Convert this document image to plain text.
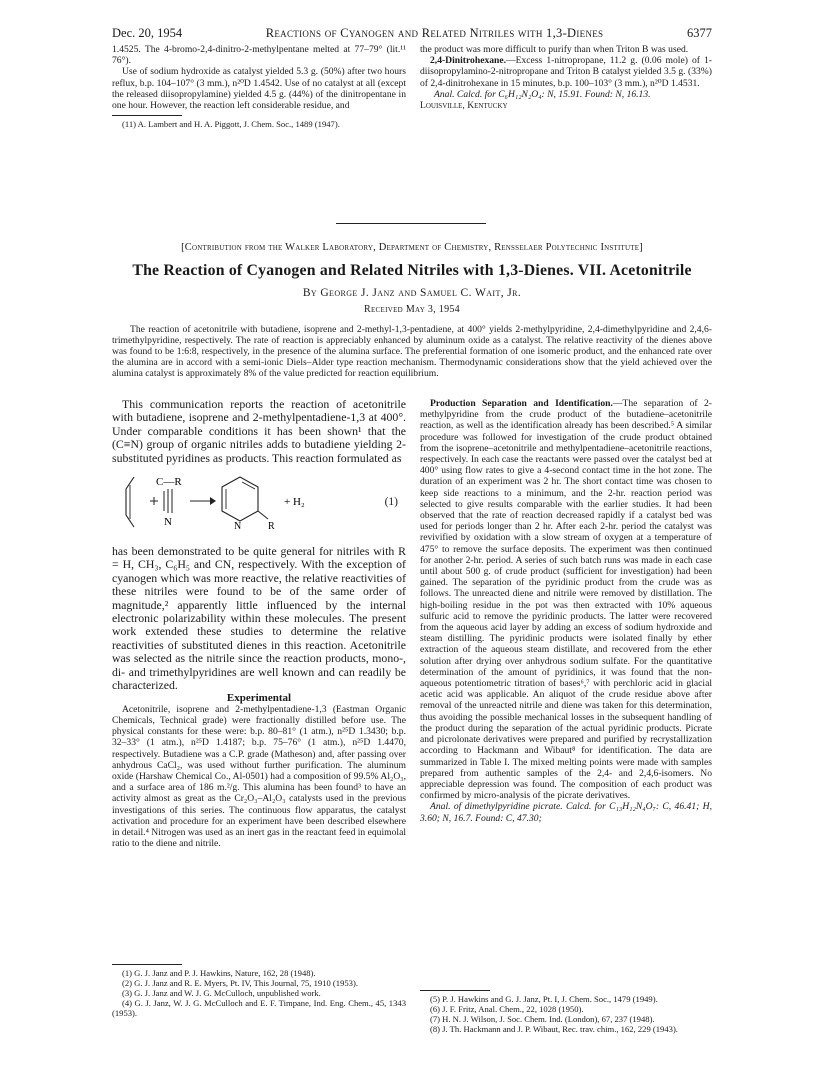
Dec. 20, 1954	Reactions of Cyanogen and Related Nitriles with 1,3-Dienes	6377

1.4525. The 4-bromo-2,4-dinitro-2-methylpentane melted at 77–79° (lit.¹¹ 76°).

Use of sodium hydroxide as catalyst yielded 5.3 g. (50%) after two hours reflux, b.p. 104–107° (3 mm.), n²⁰D 1.4542. Use of no catalyst at all (except the released diisopropylamine) yielded 4.5 g. (44%) of the dinitropentane in one hour. However, the reaction left considerable residue, and

(11) A. Lambert and H. A. Piggott, J. Chem. Soc., 1489 (1947).

the product was more difficult to purify than when Triton B was used.

2,4-Dinitrohexane.—Excess 1-nitropropane, 11.2 g. (0.06 mole) of 1-diisopropylamino-2-nitropropane and Triton B catalyst yielded 3.5 g. (33%) of 2,4-dinitrohexane in 15 minutes, b.p. 100–103° (3 mm.), n²⁰D 1.4531.

Anal. Calcd. for C₆H₁₂N₂O₄: N, 15.91. Found: N, 16.13.

Louisville, Kentucky

[Contribution from the Walker Laboratory, Department of Chemistry, Rensselaer Polytechnic Institute]
The Reaction of Cyanogen and Related Nitriles with 1,3-Dienes. VII. Acetonitrile
By George J. Janz and Samuel C. Wait, Jr.
Received May 3, 1954
The reaction of acetonitrile with butadiene, isoprene and 2-methyl-1,3-pentadiene, at 400° yields 2-methylpyridine, 2,4-dimethylpyridine and 2,4,6-trimethylpyridine, respectively. The rate of reaction is appreciably enhanced by aluminum oxide as a catalyst. The relative reactivity of the dienes above was found to be 1:6:8, respectively, in the presence of the alumina surface. The preferential formation of one isomeric product, and the enhanced rate over the alumina are in accord with a semi-ionic Diels–Alder type reaction mechanism. Thermodynamic considerations show that the yield achieved over the alumina catalyst is approximately 8% of the value predicted for reaction equilibrium.

This communication reports the reaction of acetonitrile with butadiene, isoprene and 2-methylpentadiene-1,3 at 400°. Under comparable conditions it has been shown¹ that the (C≡N) group of organic nitriles adds to butadiene yielding 2-substituted pyridines as products. This reaction formulated as

C—R
N	N	R
+ H₂	(1)

has been demonstrated to be quite general for nitriles with R = H, CH₃, C₆H₅ and CN, respectively. With the exception of cyanogen which was more reactive, the relative reactivities of these nitriles were found to be of the same order of magnitude,² apparently little influenced by the internal electronic polarizability within these molecules. The present work extended these studies to determine the relative reactivities of substituted dienes in this reaction. Acetonitrile was selected as the nitrile since the reaction products, mono-, di- and trimethylpyridines are well known and can readily be characterized.

Experimental

Acetonitrile, isoprene and 2-methylpentadiene-1,3 (Eastman Organic Chemicals, Technical grade) were fractionally distilled before use. The physical constants for these were: b.p. 80–81° (1 atm.), n²⁵D 1.3430; b.p. 32–33° (1 atm.), n²⁵D 1.4187; b.p. 75–76° (1 atm.), n²⁵D 1.4470, respectively. Butadiene was a C.P. grade (Matheson) and, after passing over anhydrous CaCl₂, was used without further purification. The aluminum oxide (Harshaw Chemical Co., Al-0501) had a composition of 99.5% Al₂O₃, and a surface area of 186 m.²/g. This alumina has been found³ to have an activity almost as great as the Cr₂O₃–Al₂O₃ catalysts used in the previous investigations of this series. The continuous flow apparatus, the catalyst activation and procedure for an experiment have been described elsewhere in detail.⁴ Nitrogen was used as an inert gas in the reactant feed in equimolal ratio to the diene and nitrile.

(1) G. J. Janz and P. J. Hawkins, Nature, 162, 28 (1948).

(2) G. J. Janz and R. E. Myers, Pt. IV, This Journal, 75, 1910 (1953).

(3) G. J. Janz and W. J. G. McCulloch, unpublished work.

(4) G. J. Janz, W. J. G. McCulloch and E. F. Timpane, Ind. Eng. Chem., 45, 1343 (1953).

Production Separation and Identification.—The separation of 2-methylpyridine from the crude product of the butadiene–acetonitrile reaction, as well as the identification already has been described.⁵ A similar procedure was followed for investigation of the crude product obtained from the isoprene–acetonitrile and methylpentadiene–acetonitrile reactions, respectively. In each case the reactants were passed over the catalyst bed at 400° using flow rates to give a 4-second contact time in the hot zone. The duration of an experiment was 2 hr. The short contact time was chosen to keep side reactions to a minimum, and the 2-hr. reaction period was selected to give results comparable with the earlier studies. It had been observed that the rate of reaction decreased rapidly if a catalyst bed was used for periods longer than 2 hr. After each 2-hr. period the catalyst was revivified by oxidation with a slow stream of oxygen at a temperature of 475° to remove the surface deposits. The experiment was then continued for another 2-hr. period. A series of such batch runs was made in each case until about 500 g. of crude product (sufficient for investigation) had been gained. The separation of the pyridinic product from the crude was as follows. The unreacted diene and nitrile were removed by distillation. The high-boiling residue in the pot was then extracted with 10% aqueous sulfuric acid to remove the pyridinic products. The latter were recovered from the aqueous acid layer by adding an excess of sodium hydroxide and steam distilling. The pyridinic products were isolated finally by ether extraction of the aqueous steam distillate, and recovered from the ether solution after drying over anhydrous sodium sulfate. For the quantitative determination of the amount of pyridinics, it was found that the non-aqueous potentiometric titration of bases⁶,⁷ with perchloric acid in glacial acetic acid was applicable. An aliquot of the crude residue above after removal of the unreacted nitrile and diene was taken for this determination, thus avoiding the possible mechanical losses in the subsequent handling of the product during the separation of the actual pyridinic products. Picrate and picrolonate derivatives were prepared and purified by recrystallization according to Hackmann and Wibaut⁸ for identification. The data are summarized in Table I. The mixed melting points were made with samples prepared from authentic samples of the 2,4- and 2,4,6-isomers. No appreciable depression was found. The composition of each product was confirmed by micro-analysis of the picrate derivatives.

Anal. of dimethylpyridine picrate. Calcd. for C₁₃H₁₂N₄O₇: C, 46.41; H, 3.60; N, 16.7. Found: C, 47.30;

(5) P. J. Hawkins and G. J. Janz, Pt. I, J. Chem. Soc., 1479 (1949).

(6) J. F. Fritz, Anal. Chem., 22, 1028 (1950).

(7) H. N. J. Wilson, J. Soc. Chem. Ind. (London), 67, 237 (1948).

(8) J. Th. Hackmann and J. P. Wibaut, Rec. trav. chim., 162, 229 (1943).
